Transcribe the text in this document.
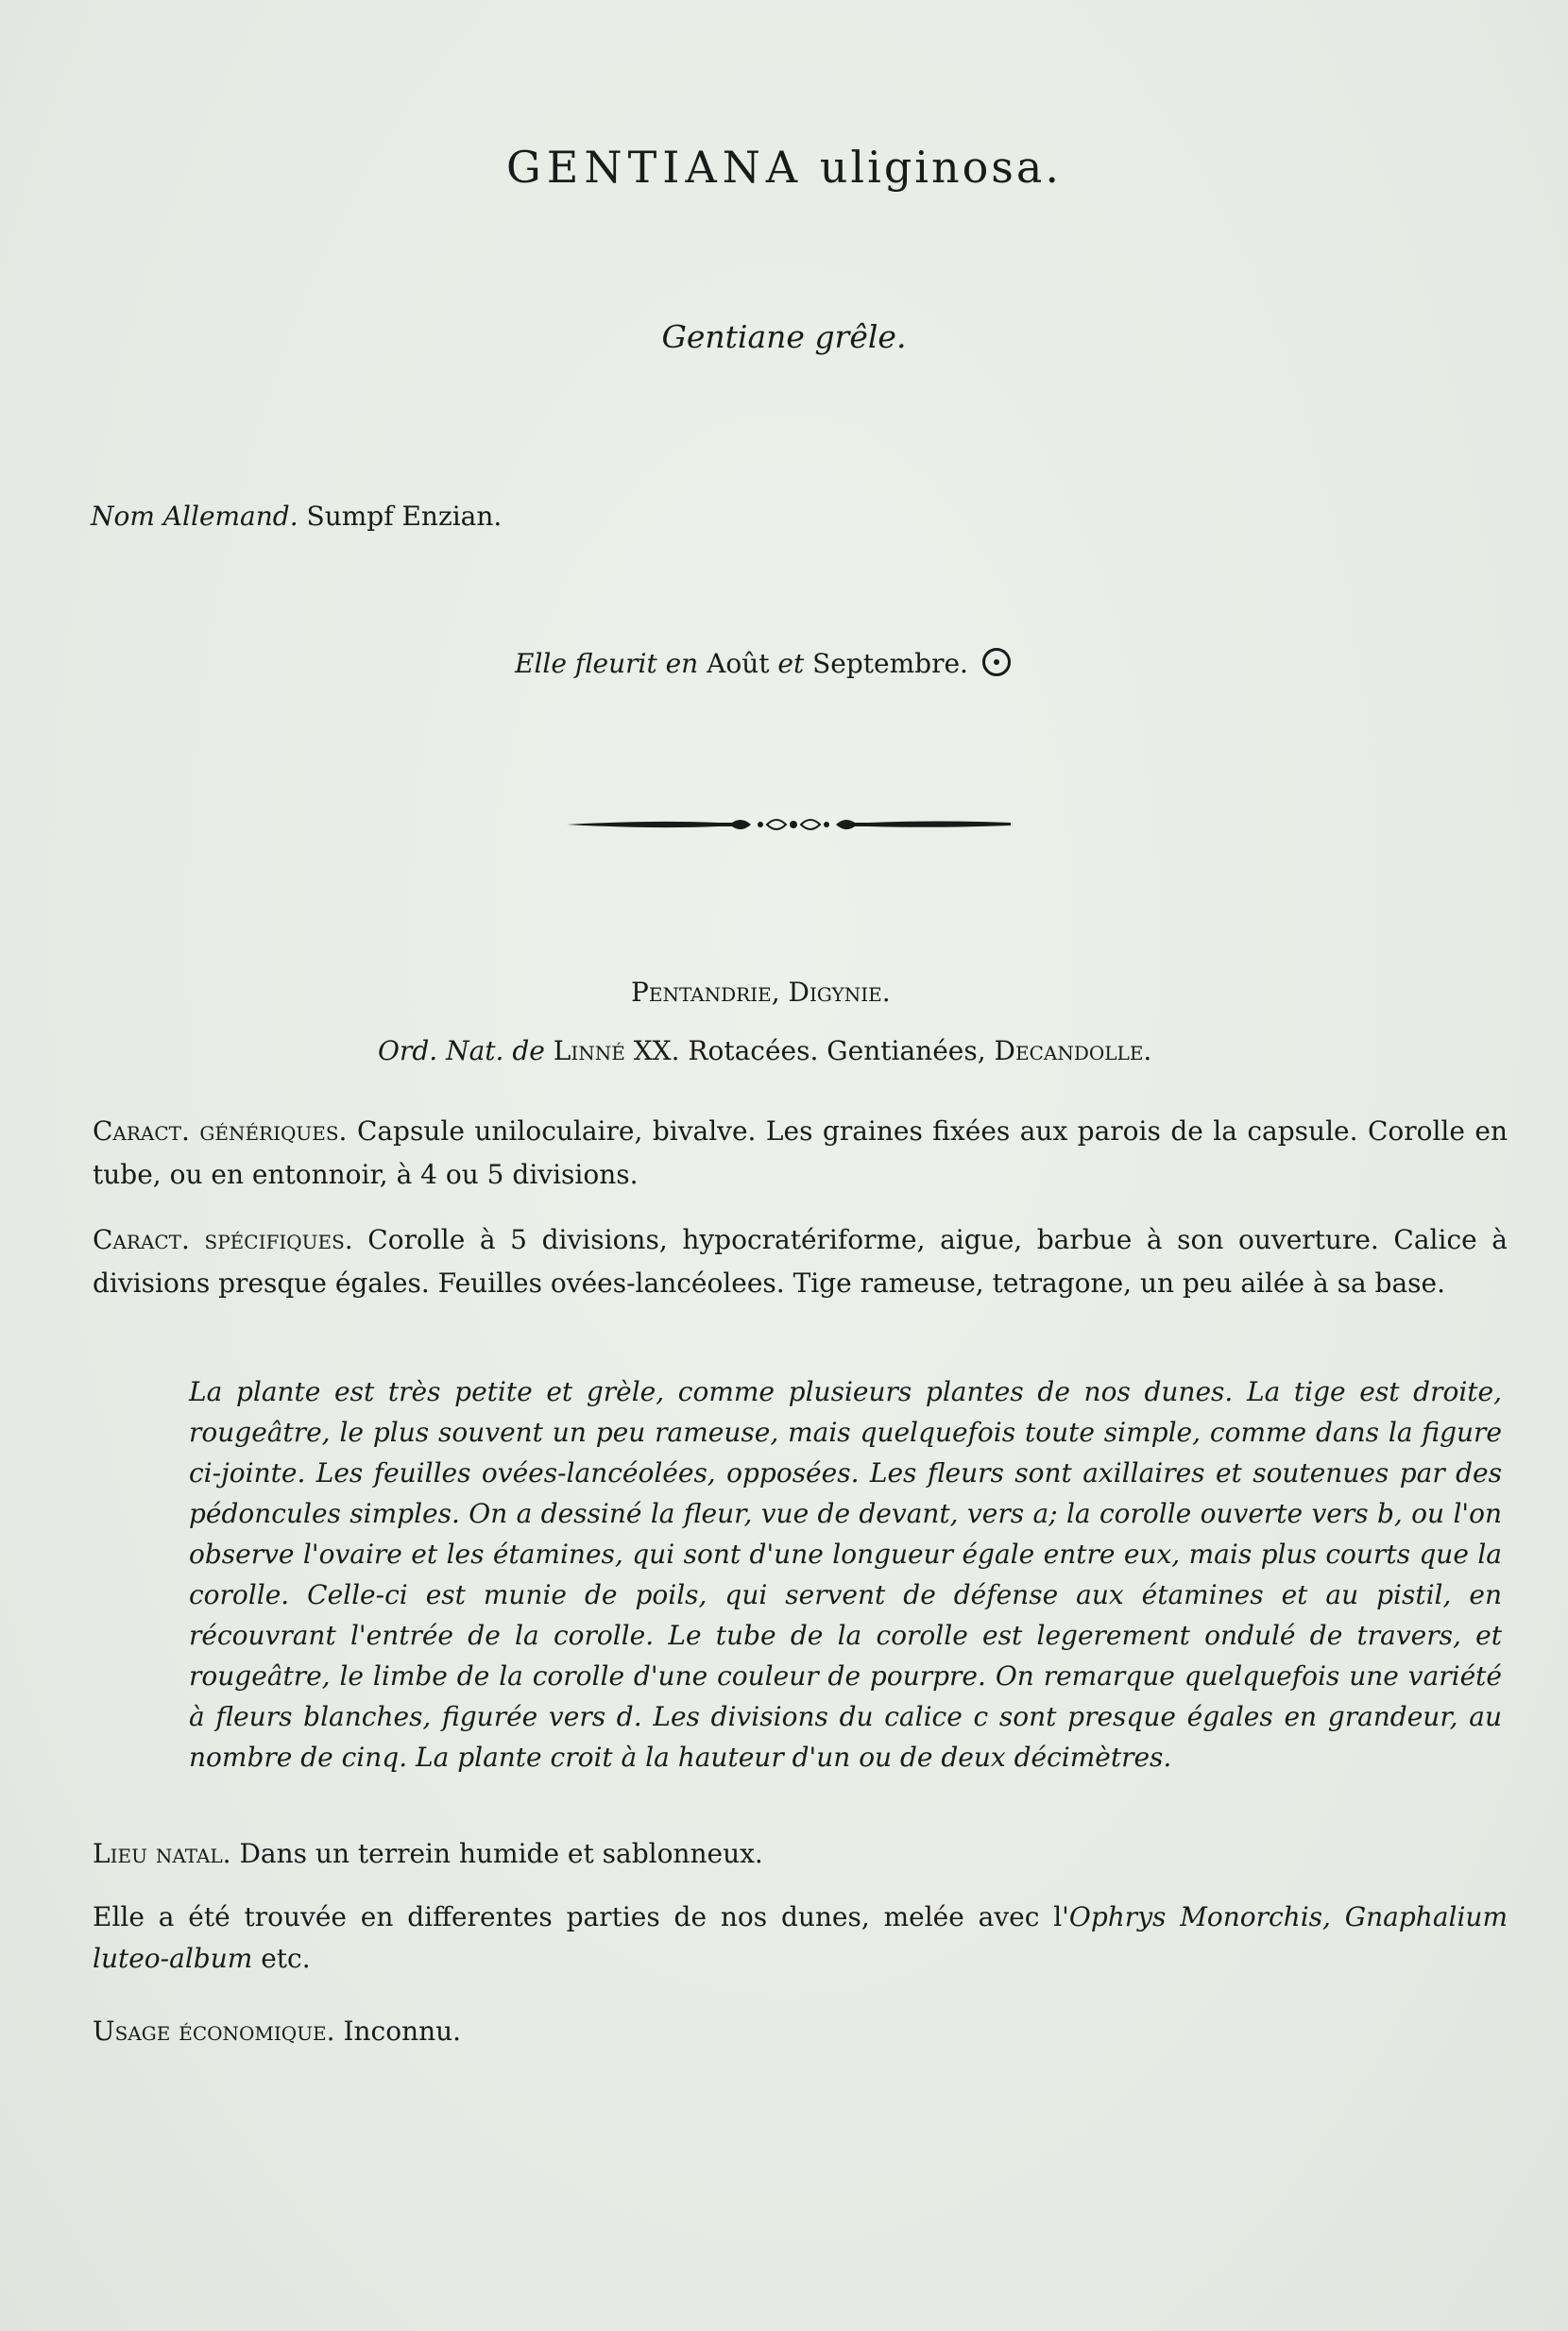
GENTIANA uliginosa.
Gentiane grêle.
Nom Allemand. Sumpf Enzian.
Elle fleurit en Août et Septembre.
Pentandrie, Digynie.
Ord. Nat. de Linné XX. Rotacées. Gentianées, Decandolle.
Caract. génériques. Capsule uniloculaire, bivalve. Les graines fixées aux parois de la capsule. Corolle en tube, ou en entonnoir, à 4 ou 5 divisions.
Caract. spécifiques. Corolle à 5 divisions, hypocratériforme, aigue, barbue à son ouverture. Calice à divisions presque égales. Feuilles ovées-lancéolees. Tige rameuse, tetragone, un peu ailée à sa base.
La plante est très petite et grèle, comme plusieurs plantes de nos dunes. La tige est droite, rougeâtre, le plus souvent un peu rameuse, mais quelquefois toute simple, comme dans la figure ci-jointe. Les feuilles ovées-lancéolées, opposées. Les fleurs sont axillaires et soutenues par des pédoncules simples. On a dessiné la fleur, vue de devant, vers a; la corolle ouverte vers b, ou l'on observe l'ovaire et les étamines, qui sont d'une longueur égale entre eux, mais plus courts que la corolle. Celle-ci est munie de poils, qui servent de défense aux étamines et au pistil, en récouvrant l'entrée de la corolle. Le tube de la corolle est legerement ondulé de travers, et rougeâtre, le limbe de la corolle d'une couleur de pourpre. On remarque quelquefois une variété à fleurs blanches, figurée vers d. Les divisions du calice c sont presque égales en grandeur, au nombre de cinq. La plante croit à la hauteur d'un ou de deux décimètres.
Lieu natal. Dans un terrein humide et sablonneux.
Elle a été trouvée en differentes parties de nos dunes, melée avec l'Ophrys Monorchis, Gnaphalium luteo-album etc.
Usage économique. Inconnu.
